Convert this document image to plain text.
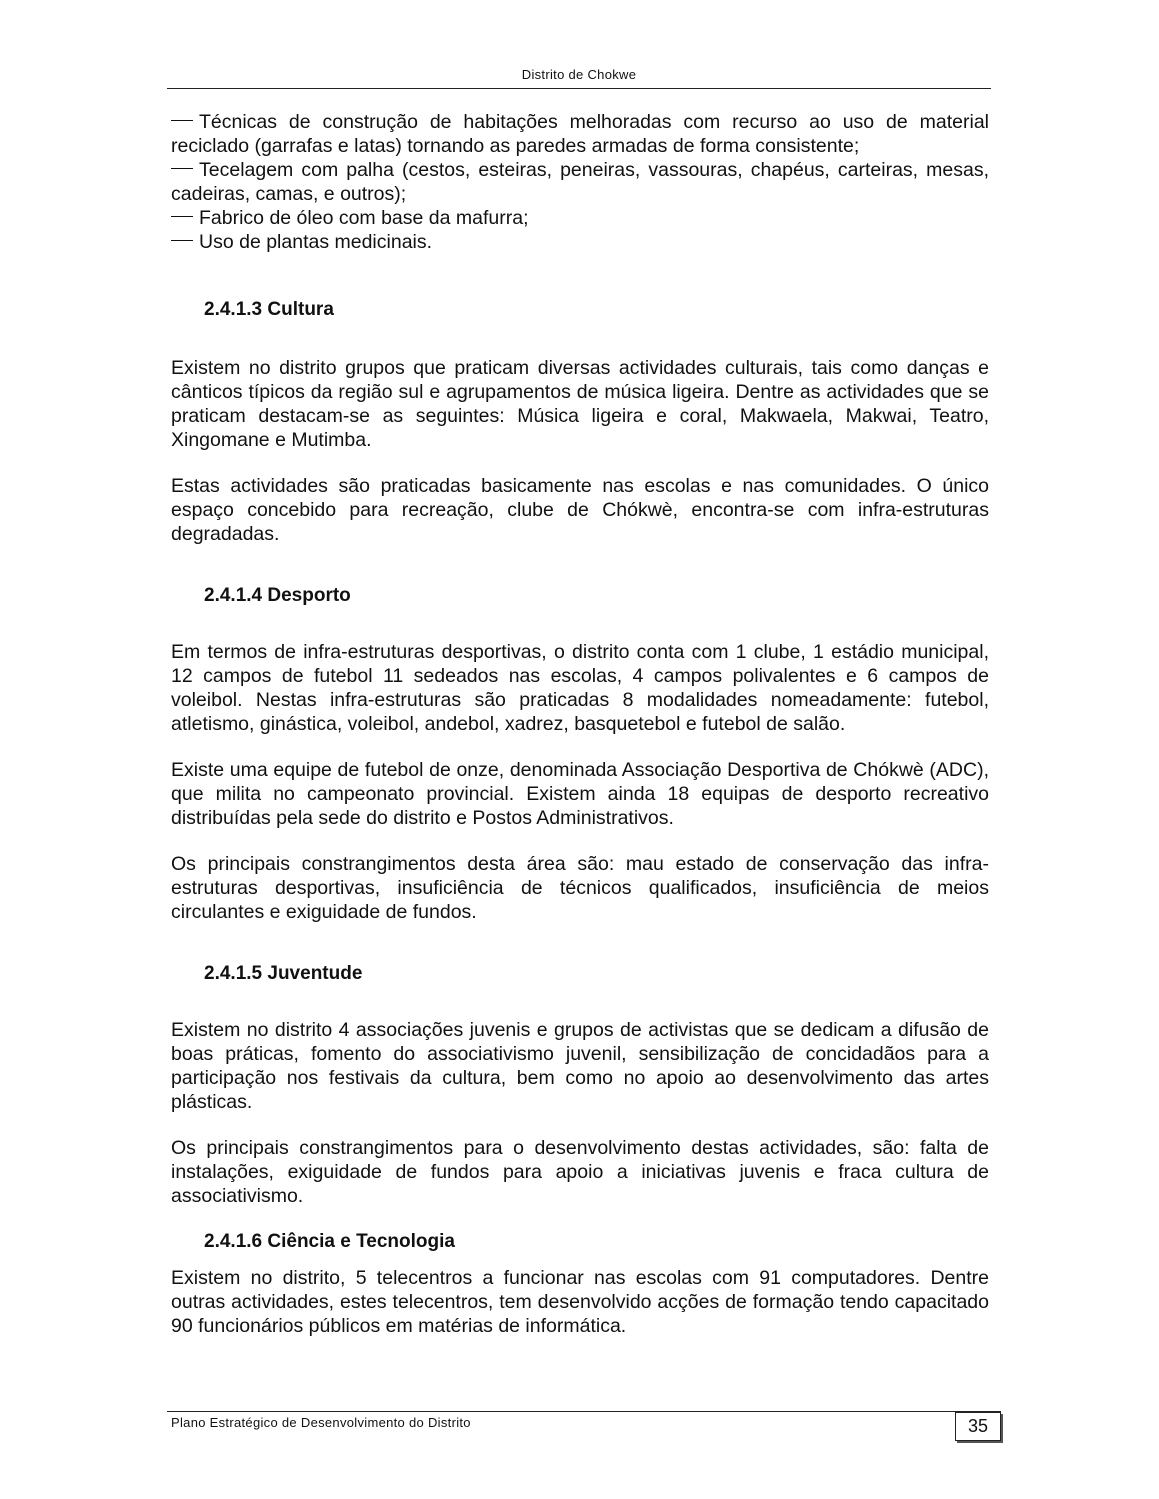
Distrito de Chokwe
Técnicas de construção de habitações melhoradas com recurso ao uso de material reciclado (garrafas e latas) tornando as paredes armadas de forma consistente;
Tecelagem com palha (cestos, esteiras, peneiras, vassouras, chapéus, carteiras, mesas, cadeiras, camas, e outros);
Fabrico de óleo com base da mafurra;
Uso de plantas medicinais.
2.4.1.3 Cultura

Existem no distrito grupos que praticam diversas actividades culturais, tais como danças e cânticos típicos da região sul e agrupamentos de música ligeira. Dentre as actividades que se praticam destacam-se as seguintes: Música ligeira e coral, Makwaela, Makwai, Teatro, Xingomane e Mutimba.

Estas actividades são praticadas basicamente nas escolas e nas comunidades. O único espaço concebido para recreação, clube de Chókwè, encontra-se com infra-estruturas degradadas.

2.4.1.4 Desporto

Em termos de infra-estruturas desportivas, o distrito conta com 1 clube, 1 estádio municipal, 12 campos de futebol 11 sedeados nas escolas, 4 campos polivalentes e 6 campos de voleibol. Nestas infra-estruturas são praticadas 8 modalidades nomeadamente: futebol, atletismo, ginástica, voleibol, andebol, xadrez, basquetebol e futebol de salão.

Existe uma equipe de futebol de onze, denominada Associação Desportiva de Chókwè (ADC), que milita no campeonato provincial. Existem ainda 18 equipas de desporto recreativo distribuídas pela sede do distrito e Postos Administrativos.

Os principais constrangimentos desta área são: mau estado de conservação das infra-estruturas desportivas, insuficiência de técnicos qualificados, insuficiência de meios circulantes e exiguidade de fundos.

2.4.1.5 Juventude

Existem no distrito 4 associações juvenis e grupos de activistas que se dedicam a difusão de boas práticas, fomento do associativismo juvenil, sensibilização de concidadãos para a participação nos festivais da cultura, bem como no apoio ao desenvolvimento das artes plásticas.

Os principais constrangimentos para o desenvolvimento destas actividades, são: falta de instalações, exiguidade de fundos para apoio a iniciativas juvenis e fraca cultura de associativismo.

2.4.1.6 Ciência e Tecnologia

Existem no distrito, 5 telecentros a funcionar nas escolas com 91 computadores. Dentre outras actividades, estes telecentros, tem desenvolvido acções de formação tendo capacitado 90 funcionários públicos em matérias de informática.

Plano Estratégico de Desenvolvimento do Distrito	35
